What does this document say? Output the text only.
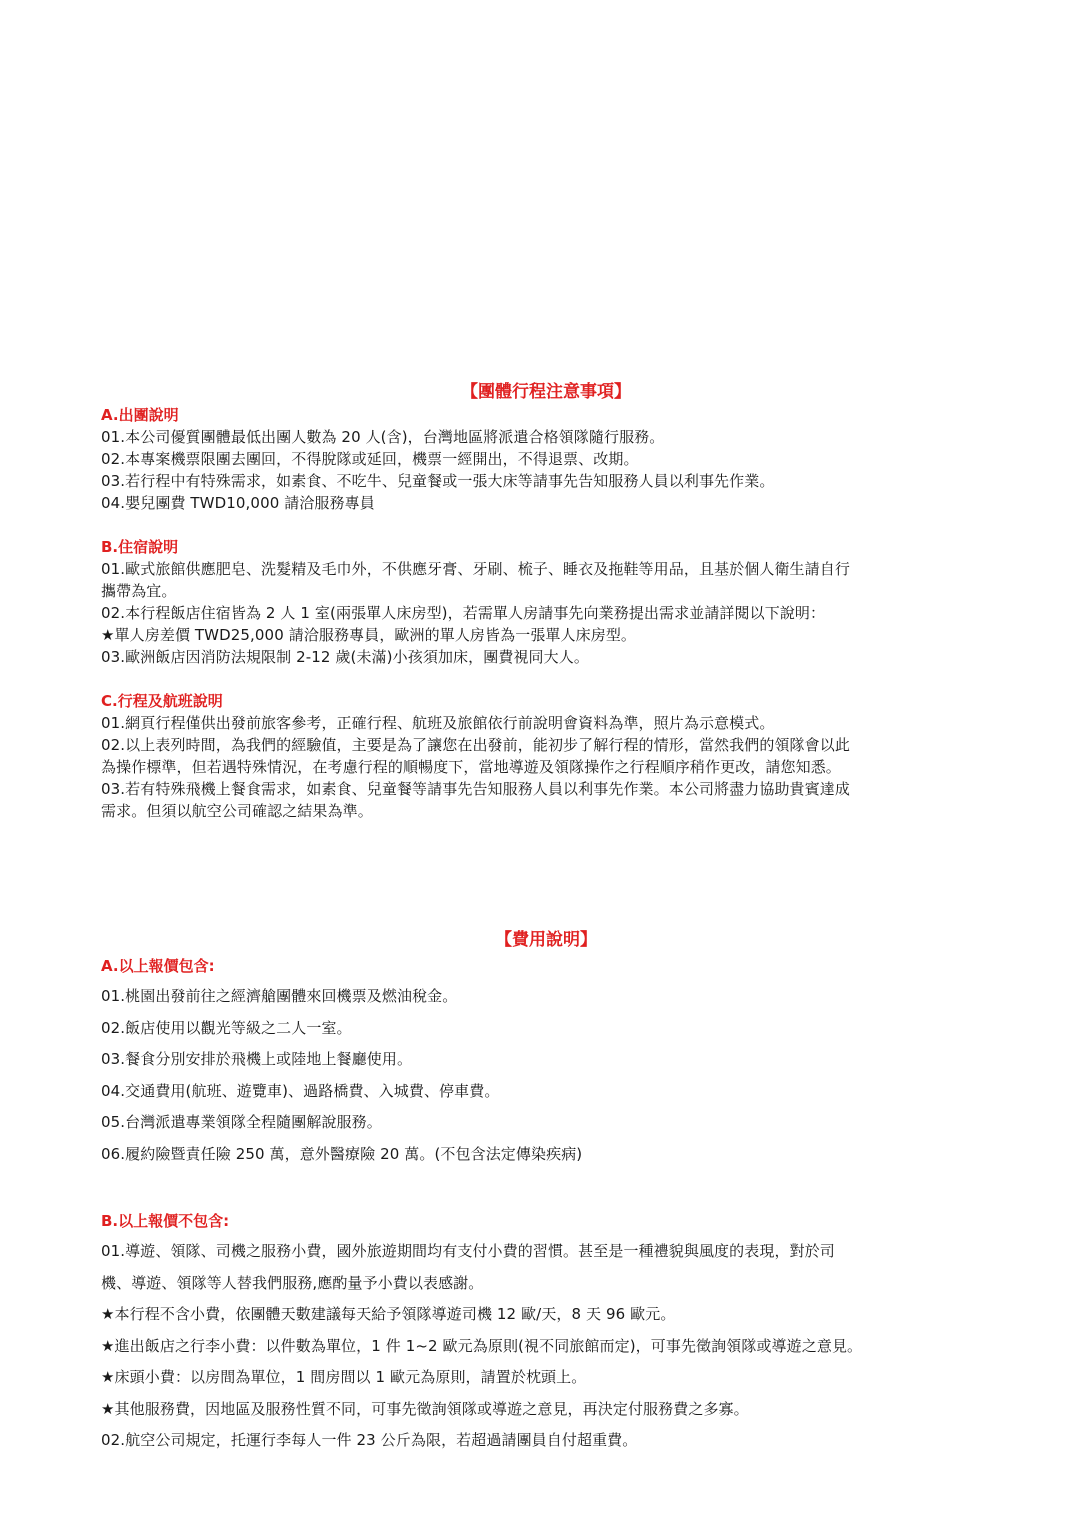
【團體行程注意事項】

A.出團說明

01.本公司優質團體最低出團人數為 20 人(含)，台灣地區將派遣合格領隊隨行服務。

02.本專案機票限團去團回，不得脫隊或延回，機票一經開出，不得退票、改期。

03.若行程中有特殊需求，如素食、不吃牛、兒童餐或一張大床等請事先告知服務人員以利事先作業。

04.嬰兒團費 TWD10,000 請洽服務專員

B.住宿說明

01.歐式旅館供應肥皂、洗髮精及毛巾外，不供應牙膏、牙刷、梳子、睡衣及拖鞋等用品，且基於個人衛生請自行

攜帶為宜。

02.本行程飯店住宿皆為 2 人 1 室(兩張單人床房型)，若需單人房請事先向業務提出需求並請詳閱以下說明：

★單人房差價 TWD25,000 請洽服務專員，歐洲的單人房皆為一張單人床房型。

03.歐洲飯店因消防法規限制 2-12 歲(未滿)小孩須加床，團費視同大人。

C.行程及航班說明

01.網頁行程僅供出發前旅客參考，正確行程、航班及旅館依行前說明會資料為準，照片為示意模式。

02.以上表列時間，為我們的經驗值，主要是為了讓您在出發前，能初步了解行程的情形，當然我們的領隊會以此

為操作標準，但若遇特殊情況，在考慮行程的順暢度下，當地導遊及領隊操作之行程順序稍作更改，請您知悉。

03.若有特殊飛機上餐食需求，如素食、兒童餐等請事先告知服務人員以利事先作業。本公司將盡力協助貴賓達成

需求。但須以航空公司確認之結果為準。

【費用說明】

A.以上報價包含:

01.桃園出發前往之經濟艙團體來回機票及燃油稅金。

02.飯店使用以觀光等級之二人一室。

03.餐食分別安排於飛機上或陸地上餐廳使用。

04.交通費用(航班、遊覽車)、過路橋費、入城費、停車費。

05.台灣派遣專業領隊全程隨團解說服務。

06.履約險暨責任險 250 萬，意外醫療險 20 萬。(不包含法定傳染疾病)

B.以上報價不包含:

01.導遊、領隊、司機之服務小費，國外旅遊期間均有支付小費的習慣。甚至是一種禮貌與風度的表現，對於司

機、導遊、領隊等人替我們服務,應酌量予小費以表感謝。

★本行程不含小費，依團體天數建議每天給予領隊導遊司機 12 歐/天，8 天 96 歐元。

★進出飯店之行李小費：以件數為單位，1 件 1~2 歐元為原則(視不同旅館而定)，可事先徵詢領隊或導遊之意見。

★床頭小費：以房間為單位，1 間房間以 1 歐元為原則，請置於枕頭上。

★其他服務費，因地區及服務性質不同，可事先徵詢領隊或導遊之意見，再決定付服務費之多寡。

02.航空公司規定，托運行李每人一件 23 公斤為限，若超過請團員自付超重費。
